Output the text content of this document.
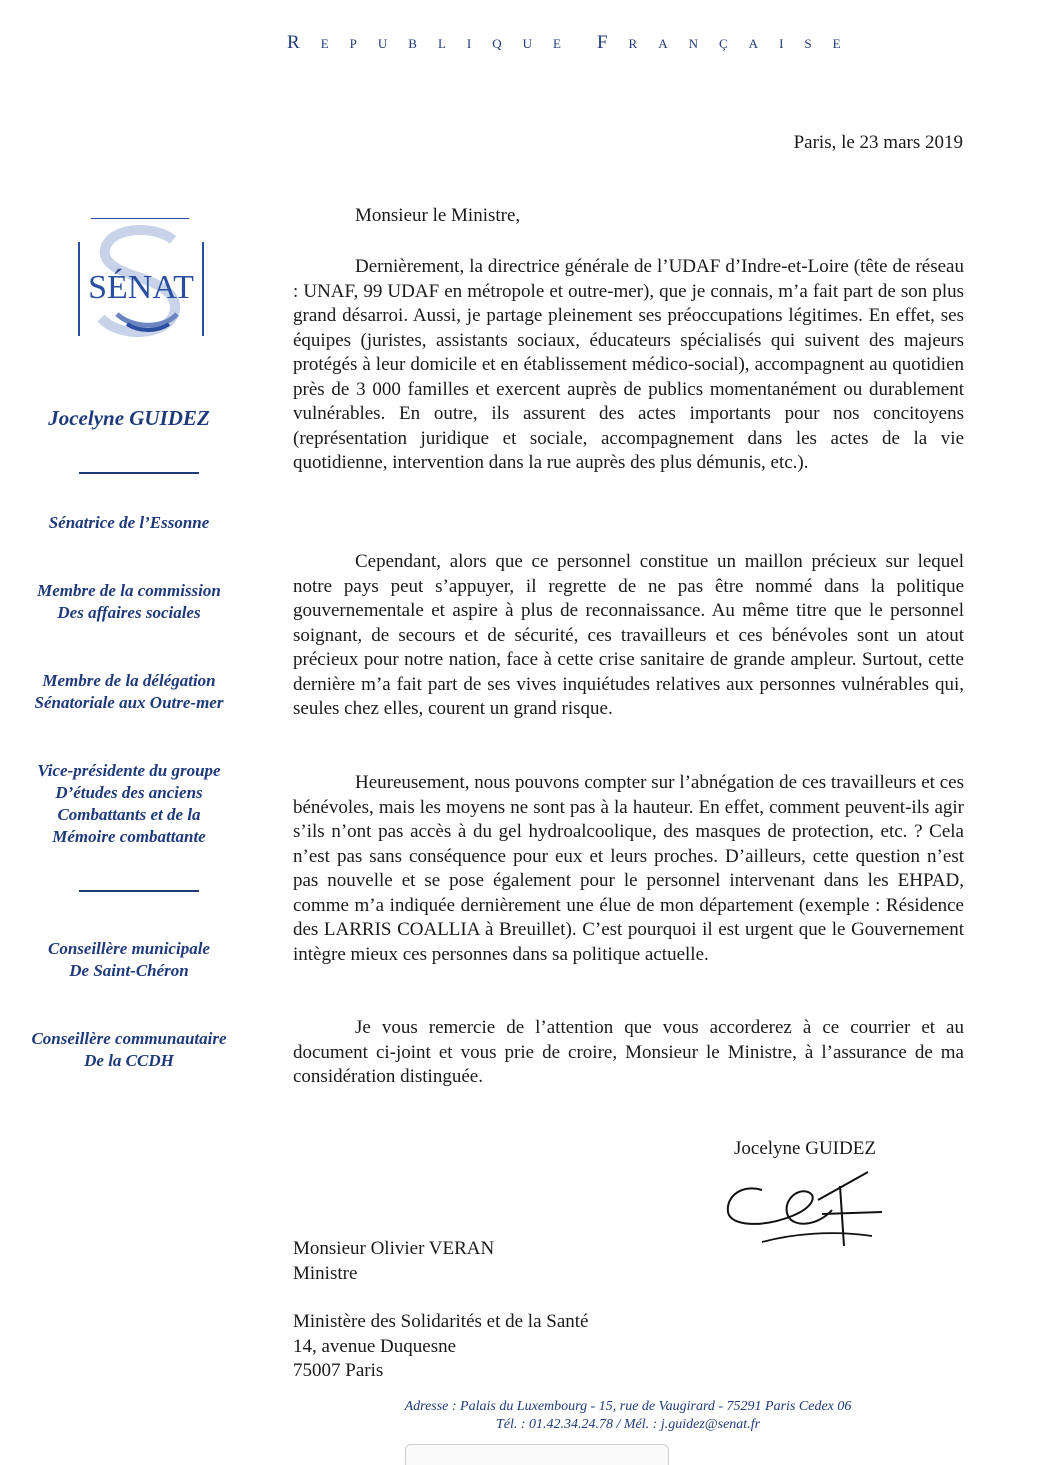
R E P U B L I Q U E F R A N Ç A I S E
Paris, le 23 mars 2019
SÉNAT
Jocelyne GUIDEZ
Sénatrice de l’Essonne
Membre de la commission
Des affaires sociales
Membre de la délégation
Sénatoriale aux Outre-mer
Vice-présidente du groupe
D’études des anciens
Combattants et de la
Mémoire combattante
Conseillère municipale
De Saint-Chéron
Conseillère communautaire
De la CCDH
Monsieur le Ministre,

Dernièrement, la directrice générale de l’UDAF d’Indre-et-Loire (tête de réseau : UNAF, 99 UDAF en métropole et outre-mer), que je connais, m’a fait part de son plus grand désarroi. Aussi, je partage pleinement ses préoccupations légitimes. En effet, ses équipes (juristes, assistants sociaux, éducateurs spécialisés qui suivent des majeurs protégés à leur domicile et en établissement médico-social), accompagnent au quotidien près de 3 000 familles et exercent auprès de publics momentanément ou durablement vulnérables. En outre, ils assurent des actes importants pour nos concitoyens (représentation juridique et sociale, accompagnement dans les actes de la vie quotidienne, intervention dans la rue auprès des plus démunis, etc.).

Cependant, alors que ce personnel constitue un maillon précieux sur lequel notre pays peut s’appuyer, il regrette de ne pas être nommé dans la politique gouvernementale et aspire à plus de reconnaissance. Au même titre que le personnel soignant, de secours et de sécurité, ces travailleurs et ces bénévoles sont un atout précieux pour notre nation, face à cette crise sanitaire de grande ampleur. Surtout, cette dernière m’a fait part de ses vives inquiétudes relatives aux personnes vulnérables qui, seules chez elles, courent un grand risque.

Heureusement, nous pouvons compter sur l’abnégation de ces travailleurs et ces bénévoles, mais les moyens ne sont pas à la hauteur. En effet, comment peuvent-ils agir s’ils n’ont pas accès à du gel hydroalcoolique, des masques de protection, etc. ? Cela n’est pas sans conséquence pour eux et leurs proches. D’ailleurs, cette question n’est pas nouvelle et se pose également pour le personnel intervenant dans les EHPAD, comme m’a indiquée dernièrement une élue de mon département (exemple : Résidence des LARRIS COALLIA à Breuillet). C’est pourquoi il est urgent que le Gouvernement intègre mieux ces personnes dans sa politique actuelle.

Je vous remercie de l’attention que vous accorderez à ce courrier et au document ci-joint et vous prie de croire, Monsieur le Ministre, à l’assurance de ma considération distinguée.

Jocelyne GUIDEZ
Monsieur Olivier VERAN
Ministre
Ministère des Solidarités et de la Santé
14, avenue Duquesne
75007 Paris
Adresse : Palais du Luxembourg - 15, rue de Vaugirard - 75291 Paris Cedex 06
Tél. : 01.42.34.24.78 / Mél. : j.guidez@senat.fr
